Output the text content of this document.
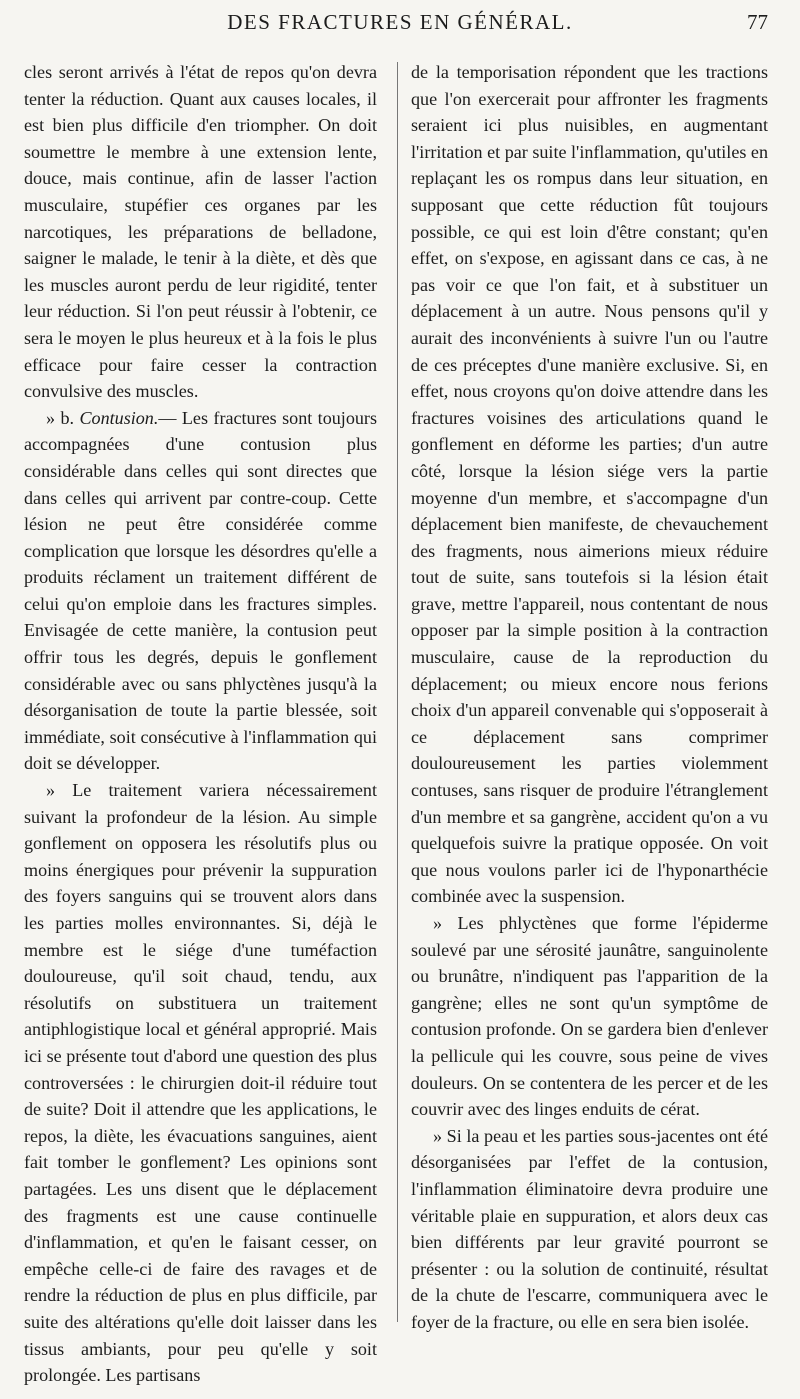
DES FRACTURES EN GÉNÉRAL.	77

cles seront arrivés à l'état de repos qu'on devra tenter la réduction. Quant aux causes locales, il est bien plus difficile d'en triompher. On doit soumettre le membre à une extension lente, douce, mais continue, afin de lasser l'action musculaire, stupéfier ces organes par les narcotiques, les préparations de belladone, saigner le malade, le tenir à la diète, et dès que les muscles auront perdu de leur rigidité, tenter leur réduction. Si l'on peut réussir à l'obtenir, ce sera le moyen le plus heureux et à la fois le plus efficace pour faire cesser la contraction convulsive des muscles.

» b. Contusion.— Les fractures sont toujours accompagnées d'une contusion plus considérable dans celles qui sont directes que dans celles qui arrivent par contre-coup. Cette lésion ne peut être considérée comme complication que lorsque les désordres qu'elle a produits réclament un traitement différent de celui qu'on emploie dans les fractures simples. Envisagée de cette manière, la contusion peut offrir tous les degrés, depuis le gonflement considérable avec ou sans phlyctènes jusqu'à la désorganisation de toute la partie blessée, soit immédiate, soit consécutive à l'inflammation qui doit se développer.

» Le traitement variera nécessairement suivant la profondeur de la lésion. Au simple gonflement on opposera les résolutifs plus ou moins énergiques pour prévenir la suppuration des foyers sanguins qui se trouvent alors dans les parties molles environnantes. Si, déjà le membre est le siége d'une tuméfaction douloureuse, qu'il soit chaud, tendu, aux résolutifs on substituera un traitement antiphlogistique local et général approprié. Mais ici se présente tout d'abord une question des plus controversées : le chirurgien doit-il réduire tout de suite? Doit il attendre que les applications, le repos, la diète, les évacuations sanguines, aient fait tomber le gonflement? Les opinions sont partagées. Les uns disent que le déplacement des fragments est une cause continuelle d'inflammation, et qu'en le faisant cesser, on empêche celle-ci de faire des ravages et de rendre la réduction de plus en plus difficile, par suite des altérations qu'elle doit laisser dans les tissus ambiants, pour peu qu'elle y soit prolongée. Les partisans

de la temporisation répondent que les tractions que l'on exercerait pour affronter les fragments seraient ici plus nuisibles, en augmentant l'irritation et par suite l'inflammation, qu'utiles en replaçant les os rompus dans leur situation, en supposant que cette réduction fût toujours possible, ce qui est loin d'être constant; qu'en effet, on s'expose, en agissant dans ce cas, à ne pas voir ce que l'on fait, et à substituer un déplacement à un autre. Nous pensons qu'il y aurait des inconvénients à suivre l'un ou l'autre de ces préceptes d'une manière exclusive. Si, en effet, nous croyons qu'on doive attendre dans les fractures voisines des articulations quand le gonflement en déforme les parties; d'un autre côté, lorsque la lésion siége vers la partie moyenne d'un membre, et s'accompagne d'un déplacement bien manifeste, de chevauchement des fragments, nous aimerions mieux réduire tout de suite, sans toutefois si la lésion était grave, mettre l'appareil, nous contentant de nous opposer par la simple position à la contraction musculaire, cause de la reproduction du déplacement; ou mieux encore nous ferions choix d'un appareil convenable qui s'opposerait à ce déplacement sans comprimer douloureusement les parties violemment contuses, sans risquer de produire l'étranglement d'un membre et sa gangrène, accident qu'on a vu quelquefois suivre la pratique opposée. On voit que nous voulons parler ici de l'hyponarthécie combinée avec la suspension.

» Les phlyctènes que forme l'épiderme soulevé par une sérosité jaunâtre, sanguinolente ou brunâtre, n'indiquent pas l'apparition de la gangrène; elles ne sont qu'un symptôme de contusion profonde. On se gardera bien d'enlever la pellicule qui les couvre, sous peine de vives douleurs. On se contentera de les percer et de les couvrir avec des linges enduits de cérat.

» Si la peau et les parties sous-jacentes ont été désorganisées par l'effet de la contusion, l'inflammation éliminatoire devra produire une véritable plaie en suppuration, et alors deux cas bien différents par leur gravité pourront se présenter : ou la solution de continuité, résultat de la chute de l'escarre, communiquera avec le foyer de la fracture, ou elle en sera bien isolée.
